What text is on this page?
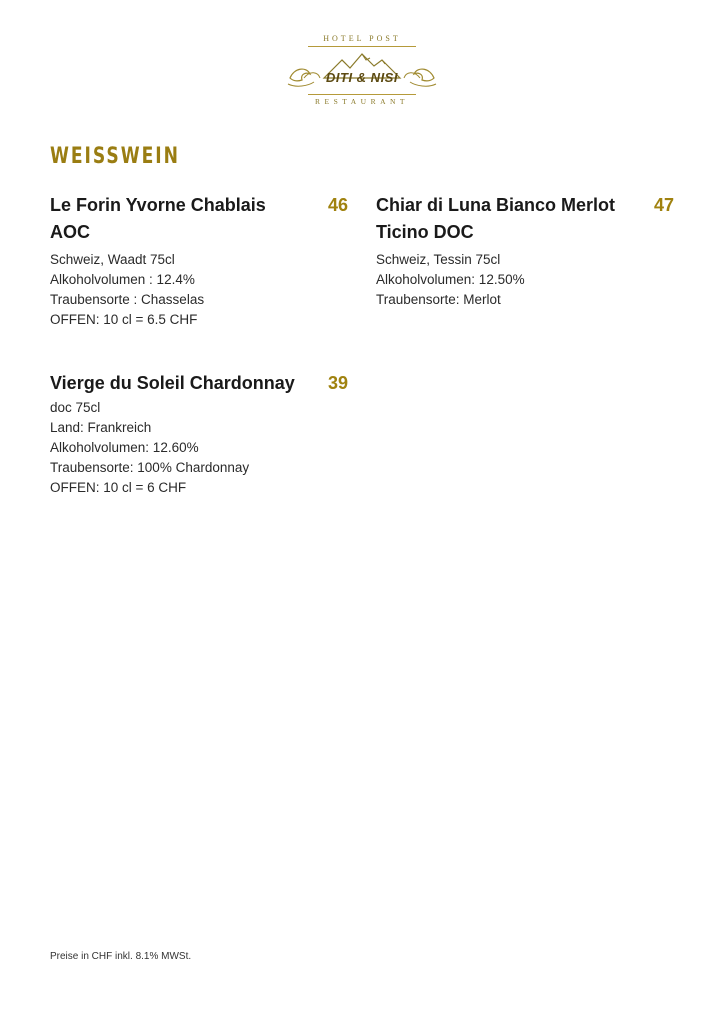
HOTEL POST
DITI & NISI
RESTAURANT
WEISSWEIN
Le Forin Yvorne Chablais
AOC
46
Schweiz, Waadt 75cl
Alkoholvolumen : 12.4%
Traubensorte : Chasselas
OFFEN: 10 cl = 6.5 CHF
Chiar di Luna Bianco Merlot
Ticino DOC
47
Schweiz, Tessin 75cl
Alkoholvolumen: 12.50%
Traubensorte: Merlot
Vierge du Soleil Chardonnay 39
doc 75cl
Land: Frankreich
Alkoholvolumen: 12.60%
Traubensorte: 100% Chardonnay
OFFEN: 10 cl = 6 CHF
Preise in CHF inkl. 8.1% MWSt.
